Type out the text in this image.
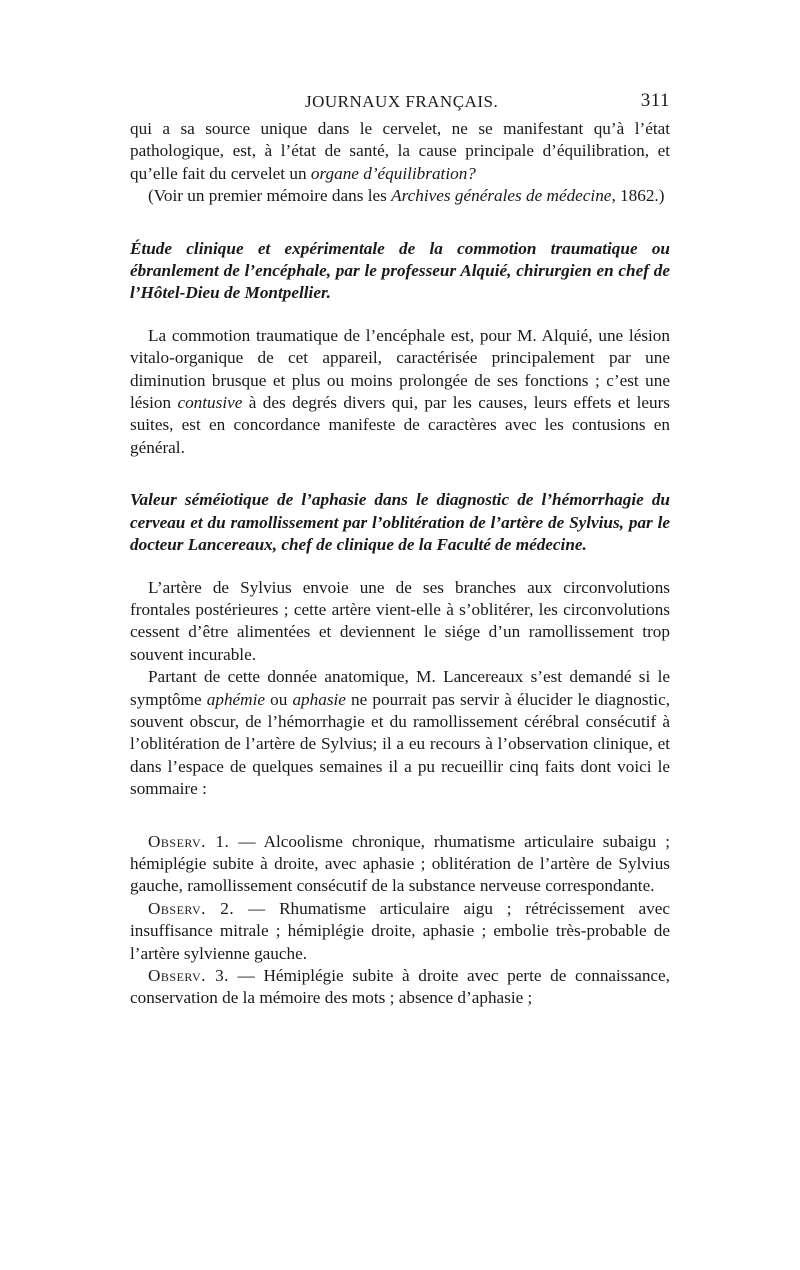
JOURNAUX FRANÇAIS.	311

qui a sa source unique dans le cervelet, ne se manifestant qu’à l’état pathologique, est, à l’état de santé, la cause principale d’équilibration, et qu’elle fait du cervelet un organe d’équilibration?

(Voir un premier mémoire dans les Archives générales de médecine, 1862.)

Étude clinique et expérimentale de la commotion traumatique ou ébranlement de l’encéphale, par le professeur Alquié, chirurgien en chef de l’Hôtel-Dieu de Montpellier.

La commotion traumatique de l’encéphale est, pour M. Alquié, une lésion vitalo-organique de cet appareil, caractérisée principalement par une diminution brusque et plus ou moins prolongée de ses fonctions ; c’est une lésion contusive à des degrés divers qui, par les causes, leurs effets et leurs suites, est en concordance manifeste de caractères avec les contusions en général.

Valeur séméiotique de l’aphasie dans le diagnostic de l’hémorrhagie du cerveau et du ramollissement par l’oblitération de l’artère de Sylvius, par le docteur Lancereaux, chef de clinique de la Faculté de médecine.

L’artère de Sylvius envoie une de ses branches aux circonvolutions frontales postérieures ; cette artère vient-elle à s’oblitérer, les circonvolutions cessent d’être alimentées et deviennent le siége d’un ramollissement trop souvent incurable.

Partant de cette donnée anatomique, M. Lancereaux s’est demandé si le symptôme aphémie ou aphasie ne pourrait pas servir à élucider le diagnostic, souvent obscur, de l’hémorrhagie et du ramollissement cérébral consécutif à l’oblitération de l’artère de Sylvius; il a eu recours à l’observation clinique, et dans l’espace de quelques semaines il a pu recueillir cinq faits dont voici le sommaire :

Observ. 1. — Alcoolisme chronique, rhumatisme articulaire subaigu ; hémiplégie subite à droite, avec aphasie ; oblitération de l’artère de Sylvius gauche, ramollissement consécutif de la substance nerveuse correspondante.

Observ. 2. — Rhumatisme articulaire aigu ; rétrécissement avec insuffisance mitrale ; hémiplégie droite, aphasie ; embolie très-probable de l’artère sylvienne gauche.

Observ. 3. — Hémiplégie subite à droite avec perte de connaissance, conservation de la mémoire des mots ; absence d’aphasie ;
